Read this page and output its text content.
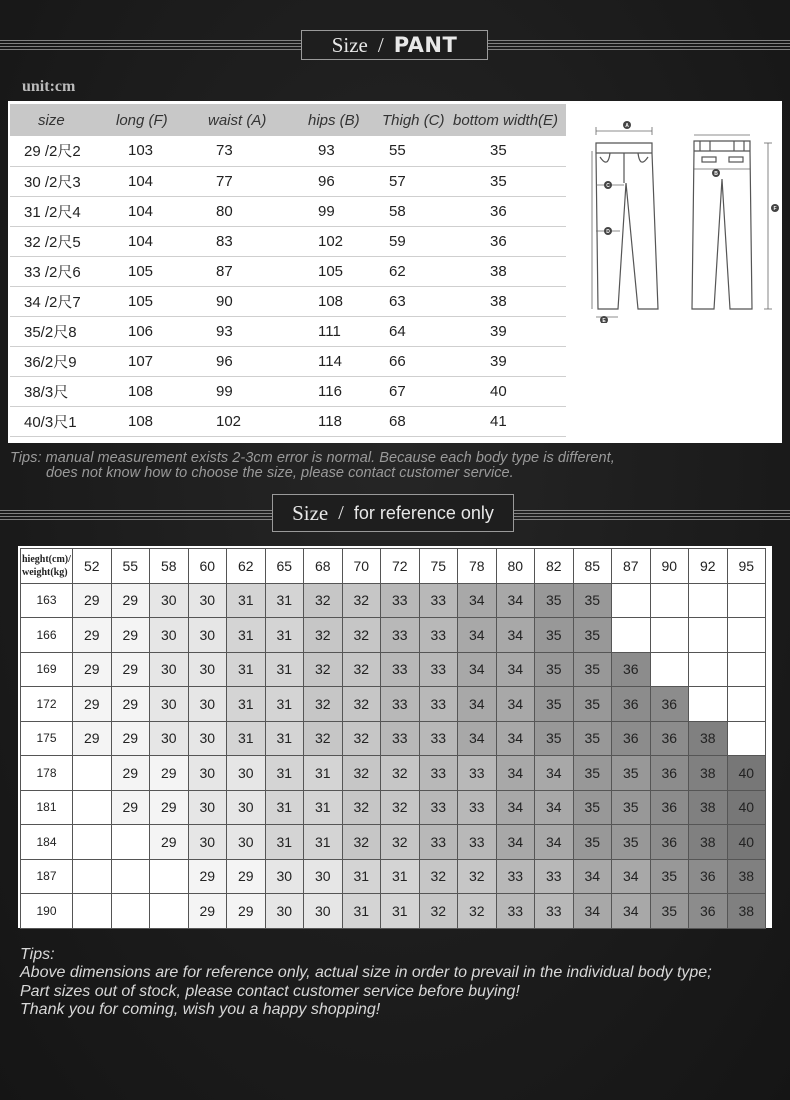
Size / PANT
unit:cm
size	long (F)	waist (A)	hips (B)	Thigh (C)	bottom width(E)
29 /2尺2	103	73	93	55	35
30 /2尺3	104	77	96	57	35
31 /2尺4	104	80	99	58	36
32 /2尺5	104	83	102	59	36
33 /2尺6	105	87	105	62	38
34 /2尺7	105	90	108	63	38
35/2尺8	106	93	111	64	39
36/2尺9	107	96	114	66	39
38/3尺	108	99	116	67	40
40/3尺1	108	102	118	68	41
A
B
C
D
E
F
Tips: manual measurement exists 2-3cm error is normal. Because each body type is different,
does not know how to choose the size, please contact customer service.
Size / for reference only
hieght(cm)/
weight(kg)	52	55	58	60	62	65	68	70	72	75	78	80	82	85	87	90	92	95
163	29	29	30	30	31	31	32	32	33	33	34	34	35	35				
166	29	29	30	30	31	31	32	32	33	33	34	34	35	35				
169	29	29	30	30	31	31	32	32	33	33	34	34	35	35	36			
172	29	29	30	30	31	31	32	32	33	33	34	34	35	35	36	36		
175	29	29	30	30	31	31	32	32	33	33	34	34	35	35	36	36	38	
178		29	29	30	30	31	31	32	32	33	33	34	34	35	35	36	38	40
181		29	29	30	30	31	31	32	32	33	33	34	34	35	35	36	38	40
184			29	30	30	31	31	32	32	33	33	34	34	35	35	36	38	40
187				29	29	30	30	31	31	32	32	33	33	34	34	35	36	38
190				29	29	30	30	31	31	32	32	33	33	34	34	35	36	38
Tips:
Above dimensions are for reference only, actual size in order to prevail in the individual body type;
Part sizes out of stock, please contact customer service before buying!
Thank you for coming, wish you a happy shopping!
